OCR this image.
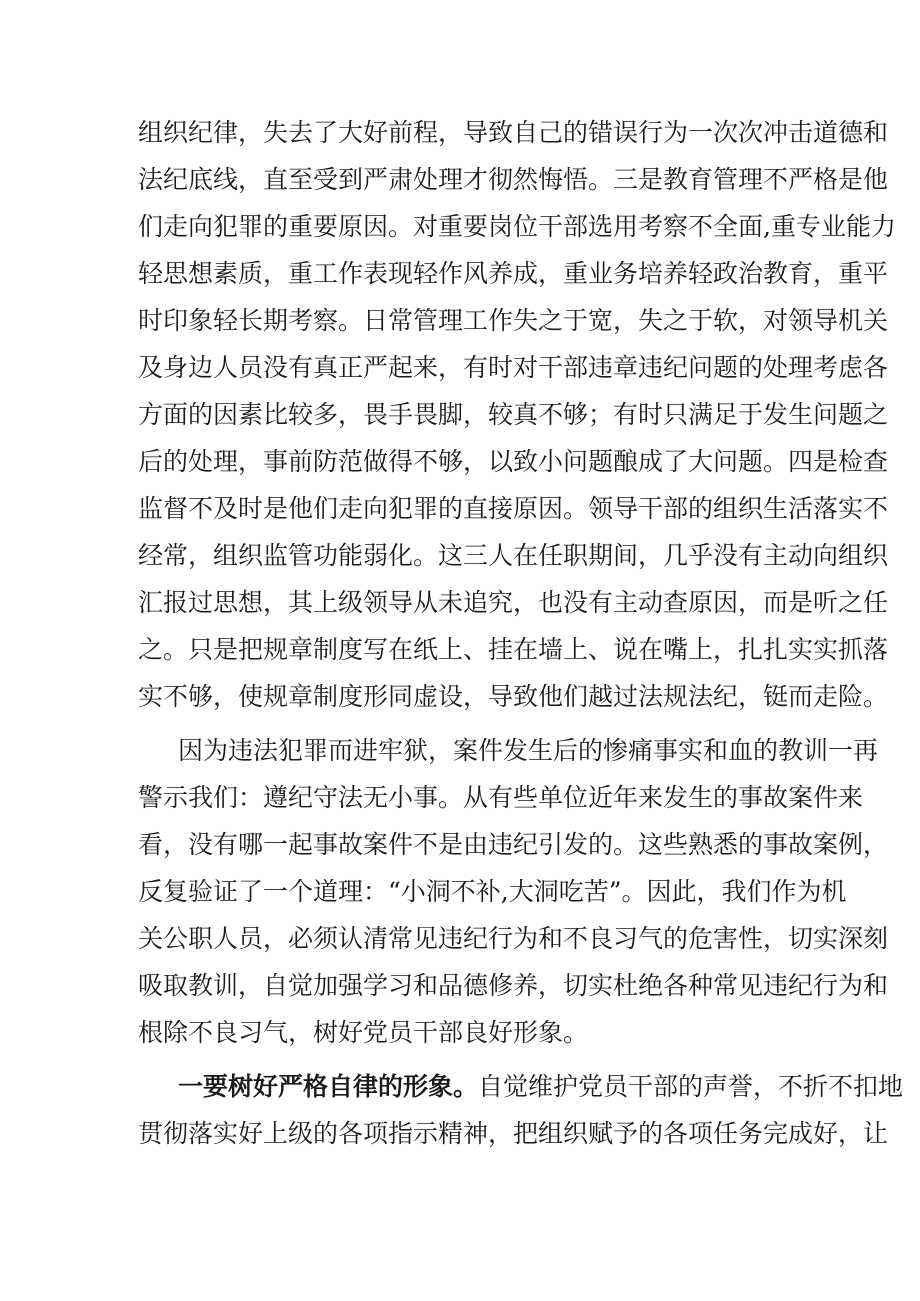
组织纪律，失去了大好前程，导致自己的错误行为一次次冲击道德和
法纪底线，直至受到严肃处理才彻然悔悟。三是教育管理不严格是他
们走向犯罪的重要原因。对重要岗位干部选用考察不全面,重专业能力
轻思想素质，重工作表现轻作风养成，重业务培养轻政治教育，重平
时印象轻长期考察。日常管理工作失之于宽，失之于软，对领导机关
及身边人员没有真正严起来，有时对干部违章违纪问题的处理考虑各
方面的因素比较多，畏手畏脚，较真不够；有时只满足于发生问题之
后的处理，事前防范做得不够，以致小问题酿成了大问题。四是检查
监督不及时是他们走向犯罪的直接原因。领导干部的组织生活落实不
经常，组织监管功能弱化。这三人在任职期间，几乎没有主动向组织
汇报过思想，其上级领导从未追究，也没有主动查原因，而是听之任
之。只是把规章制度写在纸上、挂在墙上、说在嘴上，扎扎实实抓落
实不够，使规章制度形同虚设，导致他们越过法规法纪，铤而走险。
因为违法犯罪而进牢狱，案件发生后的惨痛事实和血的教训一再
警示我们：遵纪守法无小事。从有些单位近年来发生的事故案件来
看，没有哪一起事故案件不是由违纪引发的。这些熟悉的事故案例，
反复验证了一个道理：“小洞不补,大洞吃苦”。因此，我们作为机
关公职人员，必须认清常见违纪行为和不良习气的危害性，切实深刻
吸取教训，自觉加强学习和品德修养，切实杜绝各种常见违纪行为和
根除不良习气，树好党员干部良好形象。
一要树好严格自律的形象。自觉维护党员干部的声誉，不折不扣地
贯彻落实好上级的各项指示精神，把组织赋予的各项任务完成好，让
